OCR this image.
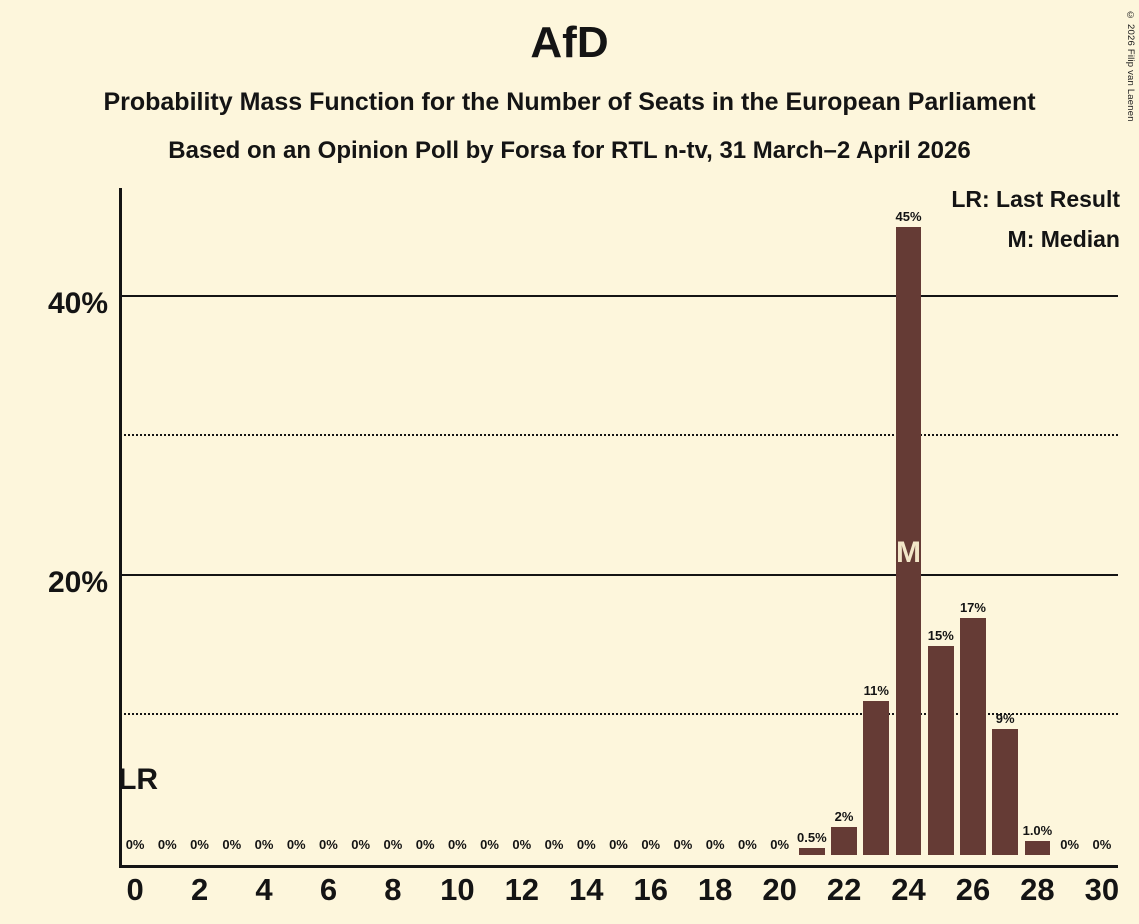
AfD
Probability Mass Function for the Number of Seats in the European Parliament
Based on an Opinion Poll by Forsa for RTL n-tv, 31 March–2 April 2026
© 2026 Filip van Laenen
LR: Last Result
M: Median
0%	0%	0%	0%	0%	0%	0%	0%	0%	0%	0%	0%	0%	0%	0%	0%	0%	0%	0%	0%	0% 0.5%
2%
11%
45%
15%
17%
9%
1.0%
0%	0%
M
20%
40%
LR
0	2	4	6	8	10 12 14 16 18 20 22 24 26 28 30
